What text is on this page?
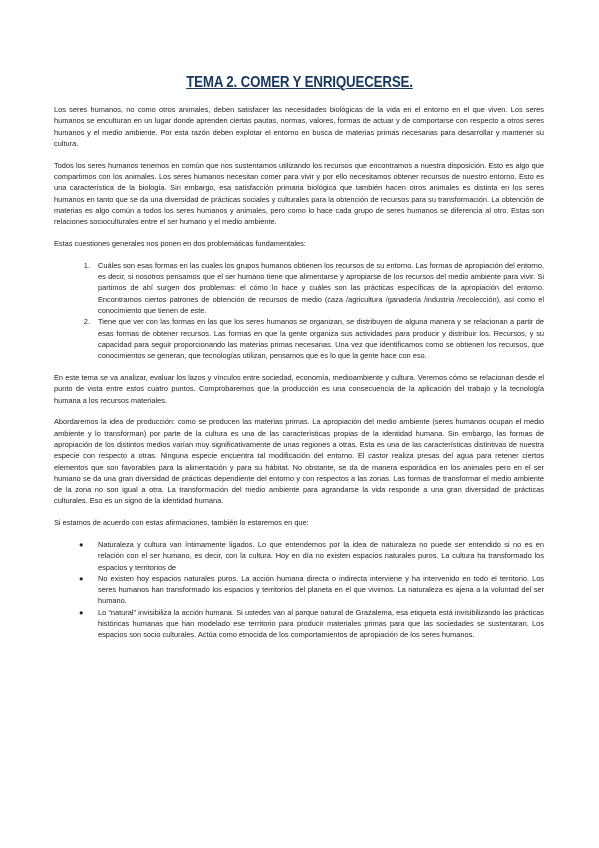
TEMA 2. COMER Y ENRIQUECERSE.

Los seres humanos, no como otros animales, deben satisfacer las necesidades biológicas de la vida en el entorno en el que viven. Los seres humanos se enculturan en un lugar donde aprenden ciertas pautas, normas, valores, formas de actuar y de comportarse con respecto a otros seres humanos y el medio ambiente. Por esta razón deben explotar el entorno en busca de materias primas necesarias para desarrollar y mantener su cultura.

Todos los seres humanos tenemos en común que nos sustentamos utilizando los recursos que encontramos a nuestra disposición. Esto es algo que compartimos con los animales. Los seres humanos necesitan comer para vivir y por ello necesitamos obtener recursos de nuestro entorno. Esto es una característica de la biología. Sin embargo, esa satisfacción primaria biológica que también hacen otros animales es distinta en los seres humanos en tanto que se da una diversidad de prácticas sociales y culturales para la obtención de recursos para su transformación. La obtención de materias es algo común a todos los seres humanos y animales, pero como lo hace cada grupo de seres humanos se diferencia al otro. Estas son relaciones socioculturales entre el ser humano y el medio ambiente.

Estas cuestiones generales nos ponen en dos problemáticas fundamentales:

1. Cuáles son esas formas en las cuales los grupos humanos obtienen los recursos de su entorno. Las formas de apropiación del entorno, es decir, si nosotros pensamos que el ser humano tiene que alimentarse y apropiarse de los recursos del medio ambiente para vivir. Si partimos de ahí surgen dos problemas: el cómo lo hace y cuáles son las prácticas específicas de la apropiación del entorno. Encontramos ciertos patrones de obtención de recursos de medio (caza /agricultura /ganadería /industria /recolección), así como el conocimiento que tienen de este.
2. Tiene que ver con las formas en las que los seres humanos se organizan, se distribuyen de alguna manera y se relacionan a partir de esas formas de obtener recursos. Las formas en que la gente organiza sus actividades para producir y distribuir los. Recursos, y su capacidad para seguir proporcionando las materias primas necesarias. Una vez que identificamos como se obtienen los recursos, que conocimientos se generan, que tecnologías utilizan, pensamos que es lo que la gente hace con eso.

En este tema se va analizar, evaluar los lazos y vínculos entre sociedad, economía, medioambiente y cultura. Veremos cómo se relacionan desde el punto de vista entre estos cuatro puntos. Comprobaremos que la producción es una consecuencia de la aplicación del trabajo y la tecnología humana a los recursos materiales.

Abordaremos la idea de producción: como se producen las materias primas. La apropiación del medio ambiente (seres humanos ocupan el medio ambiente y lo transforman) por parte de la cultura es una de las características propias de la identidad humana. Sin embargo, las formas de apropiación de los distintos medios varían muy significativamente de unas regiones a otras. Esta es una de las características distintivas de nuestra especie con respecto a otras. Ninguna especie encuentra tal modificación del entorno. El castor realiza presas del agua para retener ciertos elementos que son favorables para la alimentación y para su hábitat. No obstante, se da de manera esporádica en los animales pero en el ser humano se da una gran diversidad de prácticas dependiente del entorno y con respectos a las zonas. Las formas de transformar el medio ambiente de la zona no son igual a otra. La transformación del medio ambiente para agrandarse la vida responde a una gran diversidad de prácticas culturales. Eso es un signo de la identidad humana.

Si estamos de acuerdo con estas afirmaciones, también lo estaremos en que:

● Naturaleza y cultura van íntimamente ligados. Lo que entendemos por la idea de naturaleza no puede ser entendido si no es en relación con el ser humano, es decir, con la cultura. Hoy en día no existen espacios naturales puros. La cultura ha transformado los espacios y territorios de
● No existen hoy espacios naturales puros. La acción humana directa o indirecta interviene y ha intervenido en todo el territorio. Los seres humanos han transformado los espacios y territorios del planeta en el que vivimos. La naturaleza es ajena a la voluntad del ser humano.
● Lo “natural” invisibiliza la acción humana. Si ustedes van al parque natural de Grazalema, esa etiqueta está invisibilizando las prácticas históricas humanas que han modelado ese territorio para producir materiales primas para que las sociedades se sustentaran. Los espacios son socio culturales. Actúa como etnocida de los comportamientos de apropiación de los seres humanos.
